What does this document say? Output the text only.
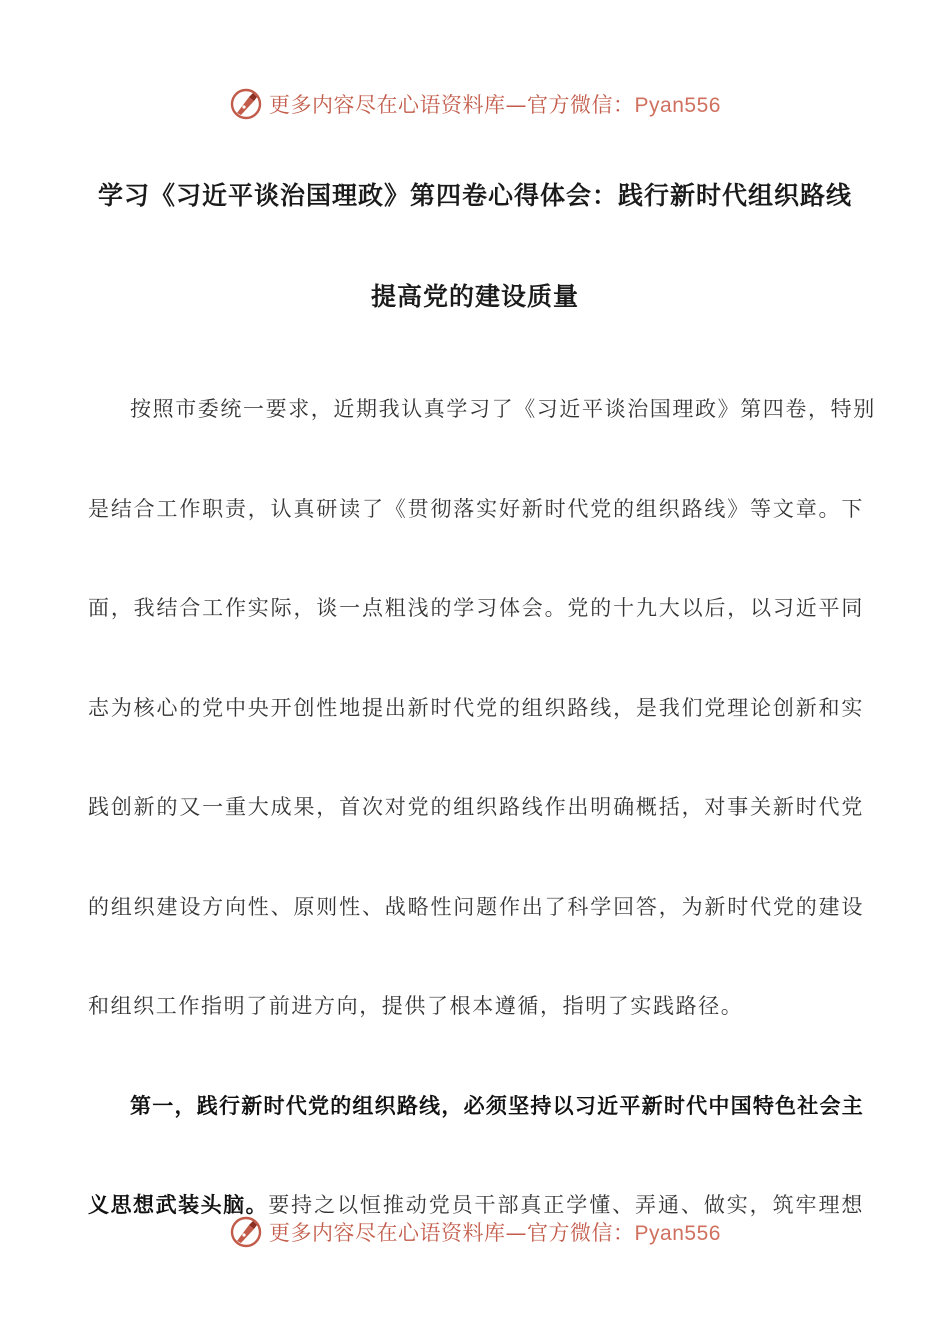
更多内容尽在心语资料库—官方微信：Pyan556
学习《习近平谈治国理政》第四卷心得体会：践行新时代组织路线
提高党的建设质量
按照市委统一要求，近期我认真学习了《习近平谈治国理政》第四卷，特别
是结合工作职责，认真研读了《贯彻落实好新时代党的组织路线》等文章。下
面，我结合工作实际，谈一点粗浅的学习体会。党的十九大以后，以习近平同
志为核心的党中央开创性地提出新时代党的组织路线，是我们党理论创新和实
践创新的又一重大成果，首次对党的组织路线作出明确概括，对事关新时代党
的组织建设方向性、原则性、战略性问题作出了科学回答，为新时代党的建设
和组织工作指明了前进方向，提供了根本遵循，指明了实践路径。
第一，践行新时代党的组织路线，必须坚持以习近平新时代中国特色社会主
义思想武装头脑。要持之以恒推动党员干部真正学懂、弄通、做实，筑牢理想
更多内容尽在心语资料库—官方微信：Pyan556
